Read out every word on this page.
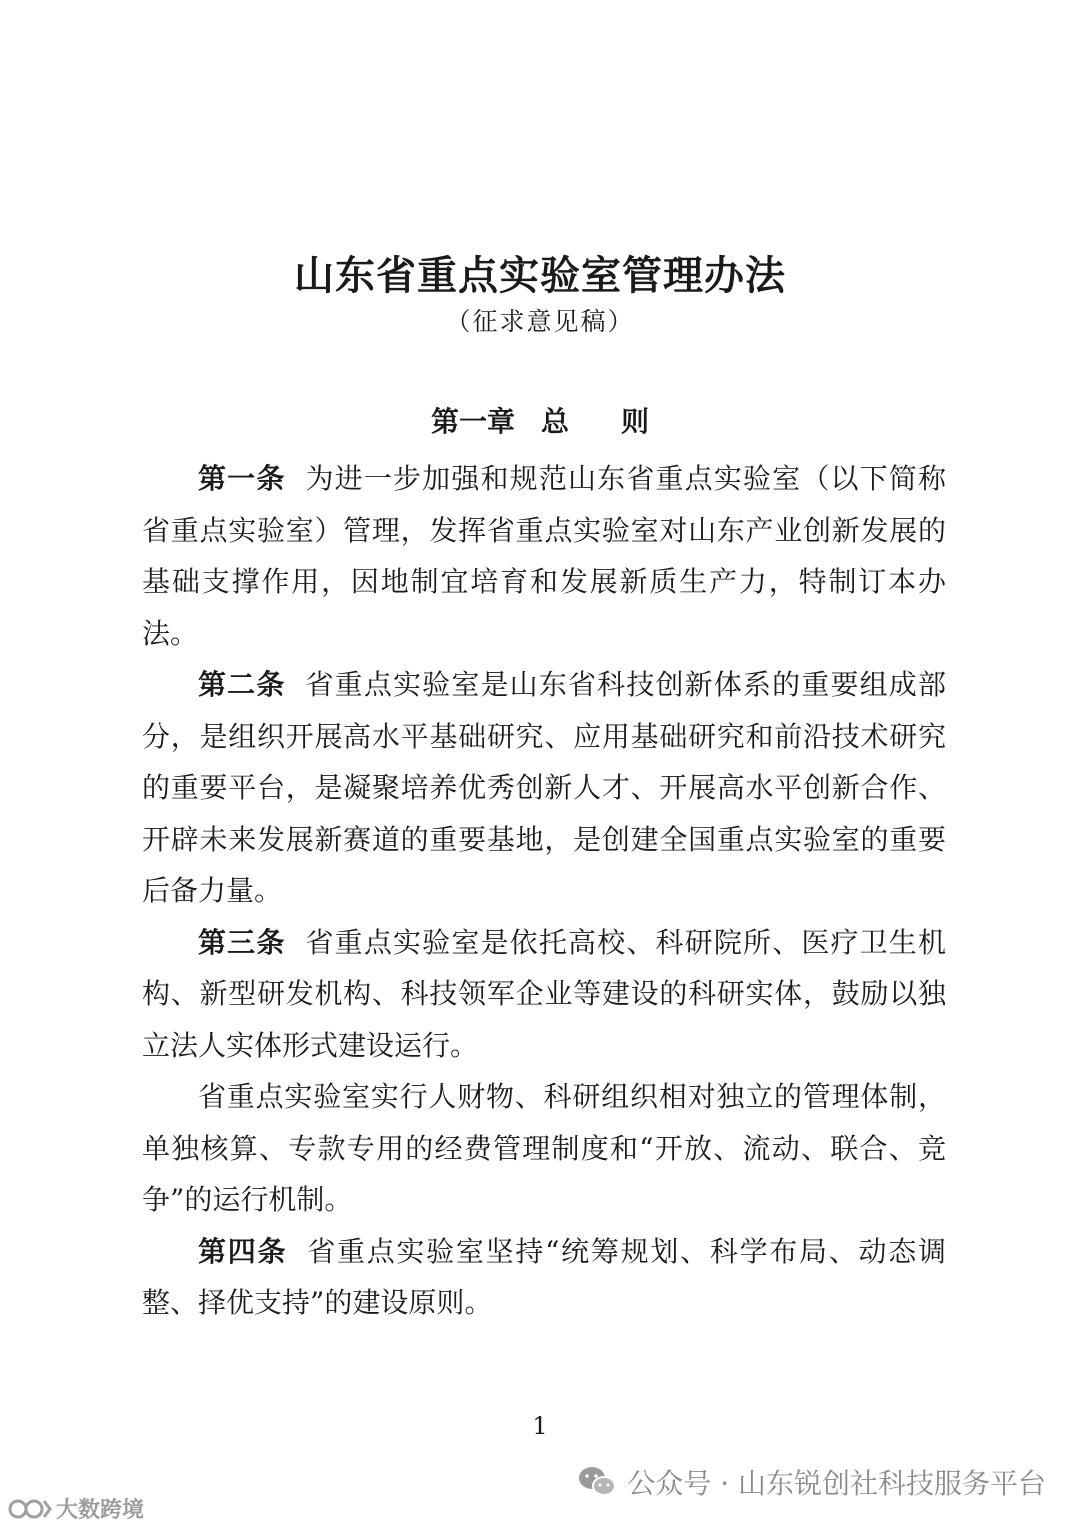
山东省重点实验室管理办法
（征求意见稿）
第一章 总 则

第一条 为进一步加强和规范山东省重点实验室（以下简称省重点实验室）管理，发挥省重点实验室对山东产业创新发展的基础支撑作用，因地制宜培育和发展新质生产力，特制订本办法。

第二条 省重点实验室是山东省科技创新体系的重要组成部分，是组织开展高水平基础研究、应用基础研究和前沿技术研究的重要平台，是凝聚培养优秀创新人才、开展高水平创新合作、开辟未来发展新赛道的重要基地，是创建全国重点实验室的重要后备力量。

第三条 省重点实验室是依托高校、科研院所、医疗卫生机构、新型研发机构、科技领军企业等建设的科研实体，鼓励以独立法人实体形式建设运行。

省重点实验室实行人财物、科研组织相对独立的管理体制，单独核算、专款专用的经费管理制度和“开放、流动、联合、竞争”的运行机制。

第四条 省重点实验室坚持“统筹规划、科学布局、动态调整、择优支持”的建设原则。

1
公众号 · 山东锐创社科技服务平台
大数跨境
